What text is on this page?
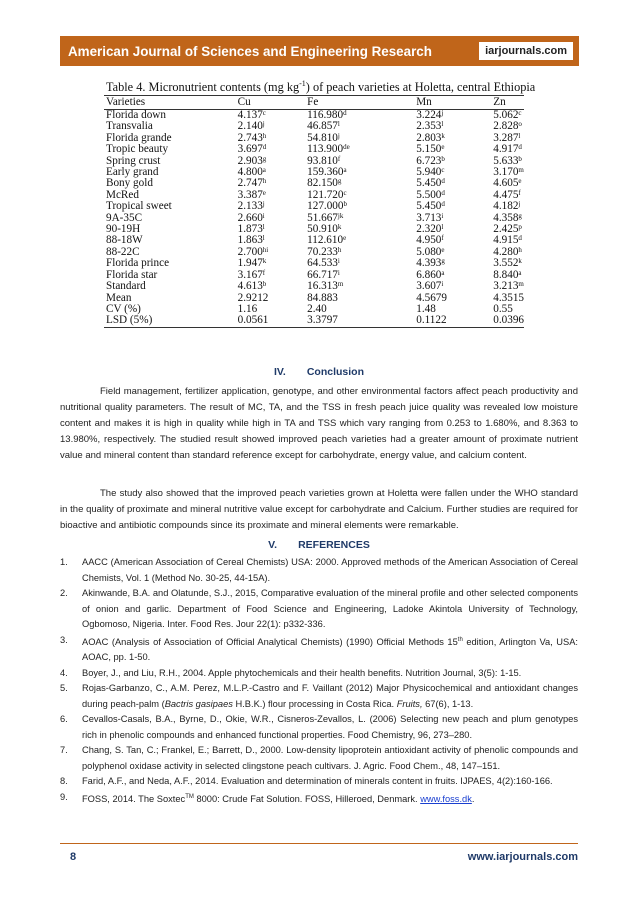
American Journal of Sciences and Engineering Research	iarjournals.com
Table 4. Micronutrient contents (mg $kg^{-1}$) of peach varieties at Holetta, central Ethiopia
Varieties	Cu	Fe	Mn	Zn
Florida down	4.137$^c$	116.980$^d$	3.224$^j$	5.062$^c$
Transvalia	2.140$^j$	46.857$^l$	2.353$^l$	2.828$^o$
Florida grande	2.743$^h$	54.810$^j$	2.803$^k$	3.287$^l$
Tropic beauty	3.697$^d$	113.900de	5.150e	4.917$^d$
Spring crust	2.903$^g$	93.810$^f$	6.723$^b$	5.633$^b$
Early grand	4.800$^a$	159.360$^a$	5.940$^c$	3.170$^m$
Bony gold	2.747$^h$	82.150$^g$	5.450$^d$	4.605e
McRed	3.387e	121.720$^c$	5.500$^d$	4.475$^f$
Tropical sweet	2.133$^j$	127.000$^b$	5.450$^d$	4.182$^j$
9A-35C	2.660$^i$	$51.667^{jk}$	3.713$^i$	4.358$^g$
90-19H	1.873$^l$	50.910$^k$	2.320$^l$	2.425$^p$
88-18W	1.863$^l$	112.610e	4.950$^f$	4.915$^d$
88-22C	$2.700^{hi}$	70.233$^h$	5.080e	4.280$^h$
Florida prince	1.947$^k$	64.533$^i$	4.393$^g$	3.552$^k$
Florida star	3.167$^f$	66.717$^i$	6.860$^a$	8.840$^a$
Standard	4.613$^b$	16.313$^m$	3.607$^i$	3.213$^m$
Mean	2.9212	84.883	4.5679	4.3515
CV (%)	1.16	2.40	1.48	0.55
LSD (5%)	0.0561	3.3797	0.1122	0.0396
IV.  Conclusion
Field management, fertilizer application, genotype, and other environmental factors affect peach productivity and nutritional quality parameters. The result of MC, TA, and the TSS in fresh peach juice quality was revealed low moisture content and makes it is high in quality while high in TA and TSS which vary ranging from 0.253 to 1.680%, and 8.363 to 13.980%, respectively. The studied result showed improved peach varieties had a greater amount of proximate nutrient value and mineral content than standard reference except for carbohydrate, energy value, and calcium content.
The study also showed that the improved peach varieties grown at Holetta were fallen under the WHO standard in the quality of proximate and mineral nutritive value except for carbohydrate and Calcium. Further studies are required for bioactive and antibiotic compounds since its proximate and mineral elements were remarkable.
V.  REFERENCES
1. AACC (American Association of Cereal Chemists) USA: 2000. Approved methods of the American Association of Cereal Chemists, Vol. 1 (Method No. 30-25, 44-15A).
2. Akinwande, B.A. and Olatunde, S.J., 2015, Comparative evaluation of the mineral profile and other selected components of onion and garlic. Department of Food Science and Engineering, Ladoke Akintola University of Technology, Ogbomoso, Nigeria. Inter. Food Res. Jour 22(1): p332-336.
3. AOAC (Analysis of Association of Official Analytical Chemists) (1990) Official Methods 15th edition, Arlington Va, USA: AOAC, pp. 1-50.
4. Boyer, J., and Liu, R.H., 2004. Apple phytochemicals and their health benefits. Nutrition Journal, 3(5): 1-15.
5. Rojas-Garbanzo, C., A.M. Perez, M.L.P.-Castro and F. Vaillant (2012) Major Physicochemical and antioxidant changes during peach-palm (Bactris gasipaes H.B.K.) flour processing in Costa Rica. Fruits, 67(6), 1-13.
6. Cevallos-Casals, B.A., Byrne, D., Okie, W.R., Cisneros-Zevallos, L. (2006) Selecting new peach and plum genotypes rich in phenolic compounds and enhanced functional properties. Food Chemistry, 96, 273–280.
7. Chang, S. Tan, C.; Frankel, E.; Barrett, D., 2000. Low-density lipoprotein antioxidant activity of phenolic compounds and polyphenol oxidase activity in selected clingstone peach cultivars. J. Agric. Food Chem., 48, 147–151.
8. Farid, A.F., and Neda, A.F., 2014. Evaluation and determination of minerals content in fruits. IJPAES, 4(2):160-166.
9. FOSS, 2014. The Soxtec™ 8000: Crude Fat Solution. FOSS, Hilleroed, Denmark. www.foss.dk.
8	www.iarjournals.com
